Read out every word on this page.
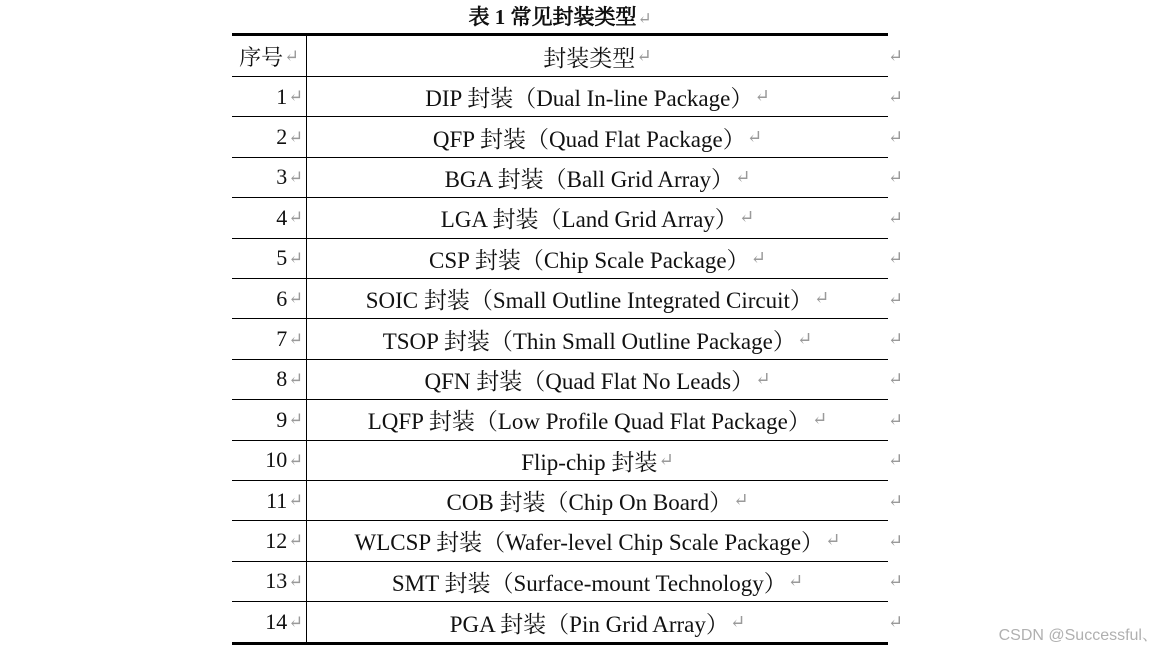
表 1 常见封装类型↵
序号 ↵	封装类型 ↵
1 ↵	DIP 封装（Dual In-line Package） ↵
2 ↵	QFP 封装（Quad Flat Package） ↵
3 ↵	BGA 封装（Ball Grid Array） ↵
4 ↵	LGA 封装（Land Grid Array） ↵
5 ↵	CSP 封装（Chip Scale Package） ↵
6 ↵	SOIC 封装（Small Outline Integrated Circuit） ↵
7 ↵	TSOP 封装（Thin Small Outline Package） ↵
8 ↵	QFN 封装（Quad Flat No Leads） ↵
9 ↵	LQFP 封装（Low Profile Quad Flat Package） ↵
10 ↵	Flip-chip 封装 ↵
11 ↵	COB 封装（Chip On Board） ↵
12 ↵ WLCSP 封装（Wafer-level Chip Scale Package） ↵
13 ↵	SMT 封装（Surface-mount Technology） ↵
14 ↵	PGA 封装（Pin Grid Array） ↵
↵
↵
↵
↵
↵
↵
↵
↵
↵
↵
↵
↵
↵
↵
↵
CSDN @Successful、
